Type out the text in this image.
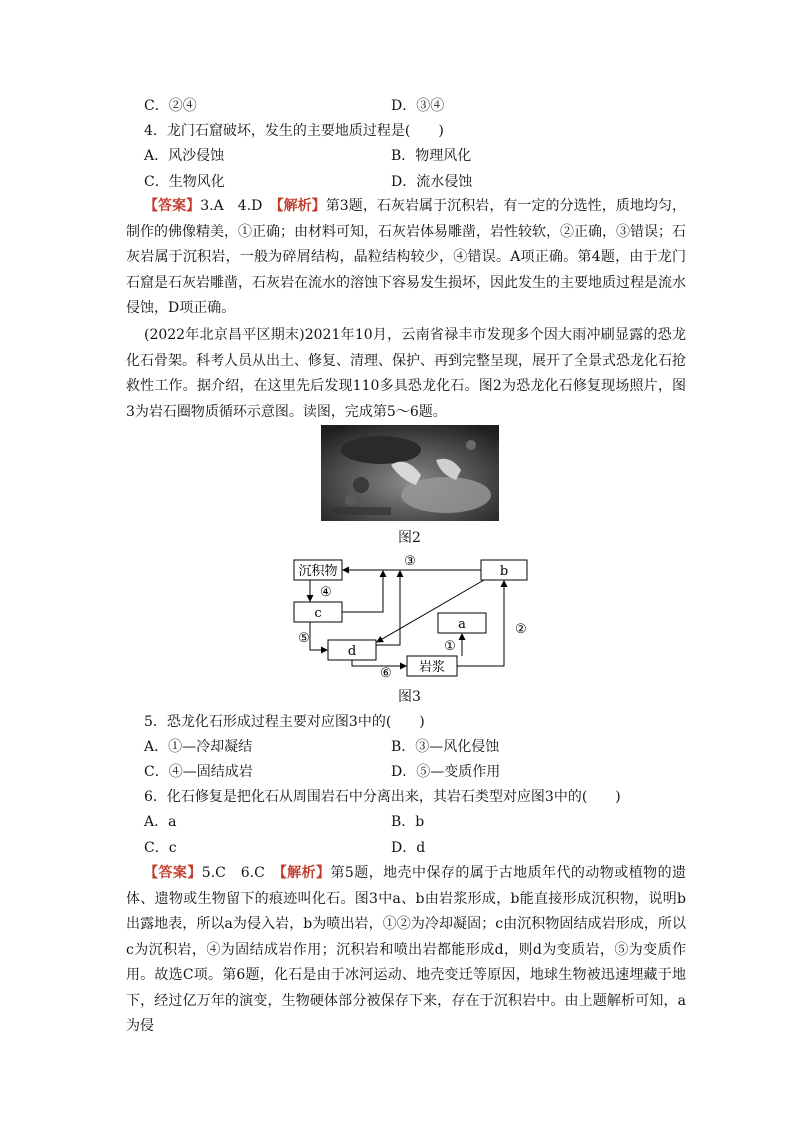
C．②④	D．③④
4．龙门石窟破坏，发生的主要地质过程是(　　)
A．风沙侵蚀	B．物理风化
C．生物风化	D．流水侵蚀
【答案】3.A　4.D　【解析】第3题，石灰岩属于沉积岩，有一定的分选性，质地均匀，制作的佛像精美，①正确；由材料可知，石灰岩体易雕凿，岩性较软，②正确，③错误；石灰岩属于沉积岩，一般为碎屑结构，晶粒结构较少，④错误。A项正确。第4题，由于龙门石窟是石灰岩雕凿，石灰岩在流水的溶蚀下容易发生损坏，因此发生的主要地质过程是流水侵蚀，D项正确。
(2022年北京昌平区期末)2021年10月，云南省禄丰市发现多个因大雨冲刷显露的恐龙化石骨架。科考人员从出土、修复、清理、保护、再到完整呈现，展开了全景式恐龙化石抢救性工作。据介绍，在这里先后发现110多具恐龙化石。图2为恐龙化石修复现场照片，图3为岩石圈物质循环示意图。读图，完成第5～6题。
图2
沉积物	b
c
a
d
岩浆
③
④
⑤
⑥
①
②
图3
5．恐龙化石形成过程主要对应图3中的(　　)
A．①—冷却凝结	B．③—风化侵蚀
C．④—固结成岩	D．⑤—变质作用
6．化石修复是把化石从周围岩石中分离出来，其岩石类型对应图3中的(　　)
A．a	B．b
C．c	D．d
【答案】5.C　6.C　【解析】第5题，地壳中保存的属于古地质年代的动物或植物的遗体、遗物或生物留下的痕迹叫化石。图3中a、b由岩浆形成，b能直接形成沉积物，说明b出露地表，所以a为侵入岩，b为喷出岩，①②为冷却凝固；c由沉积物固结成岩形成，所以c为沉积岩，④为固结成岩作用；沉积岩和喷出岩都能形成d，则d为变质岩，⑤为变质作用。故选C项。第6题，化石是由于冰河运动、地壳变迁等原因，地球生物被迅速埋藏于地下，经过亿万年的演变，生物硬体部分被保存下来，存在于沉积岩中。由上题解析可知，a为侵
